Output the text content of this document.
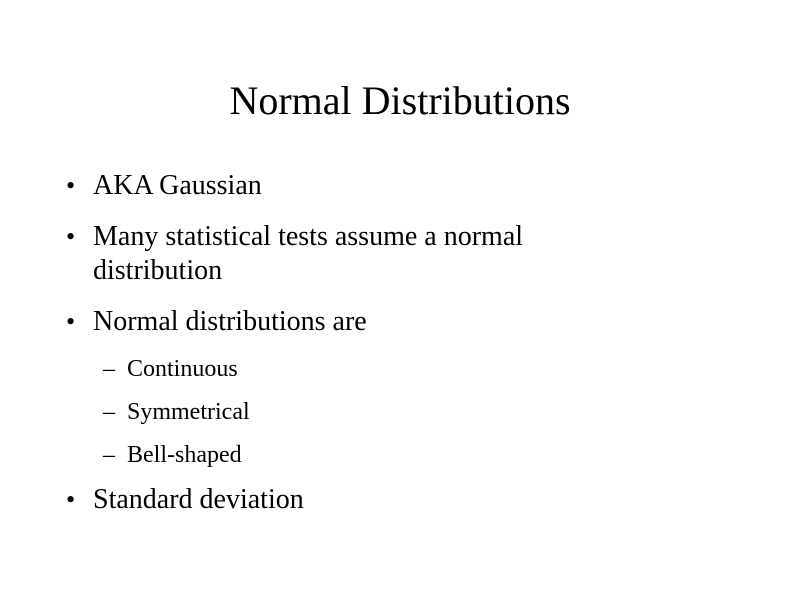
Normal Distributions
• AKA Gaussian
• Many statistical tests assume a normal distribution
• Normal distributions are
– Continuous
– Symmetrical
– Bell-shaped
• Standard deviation
